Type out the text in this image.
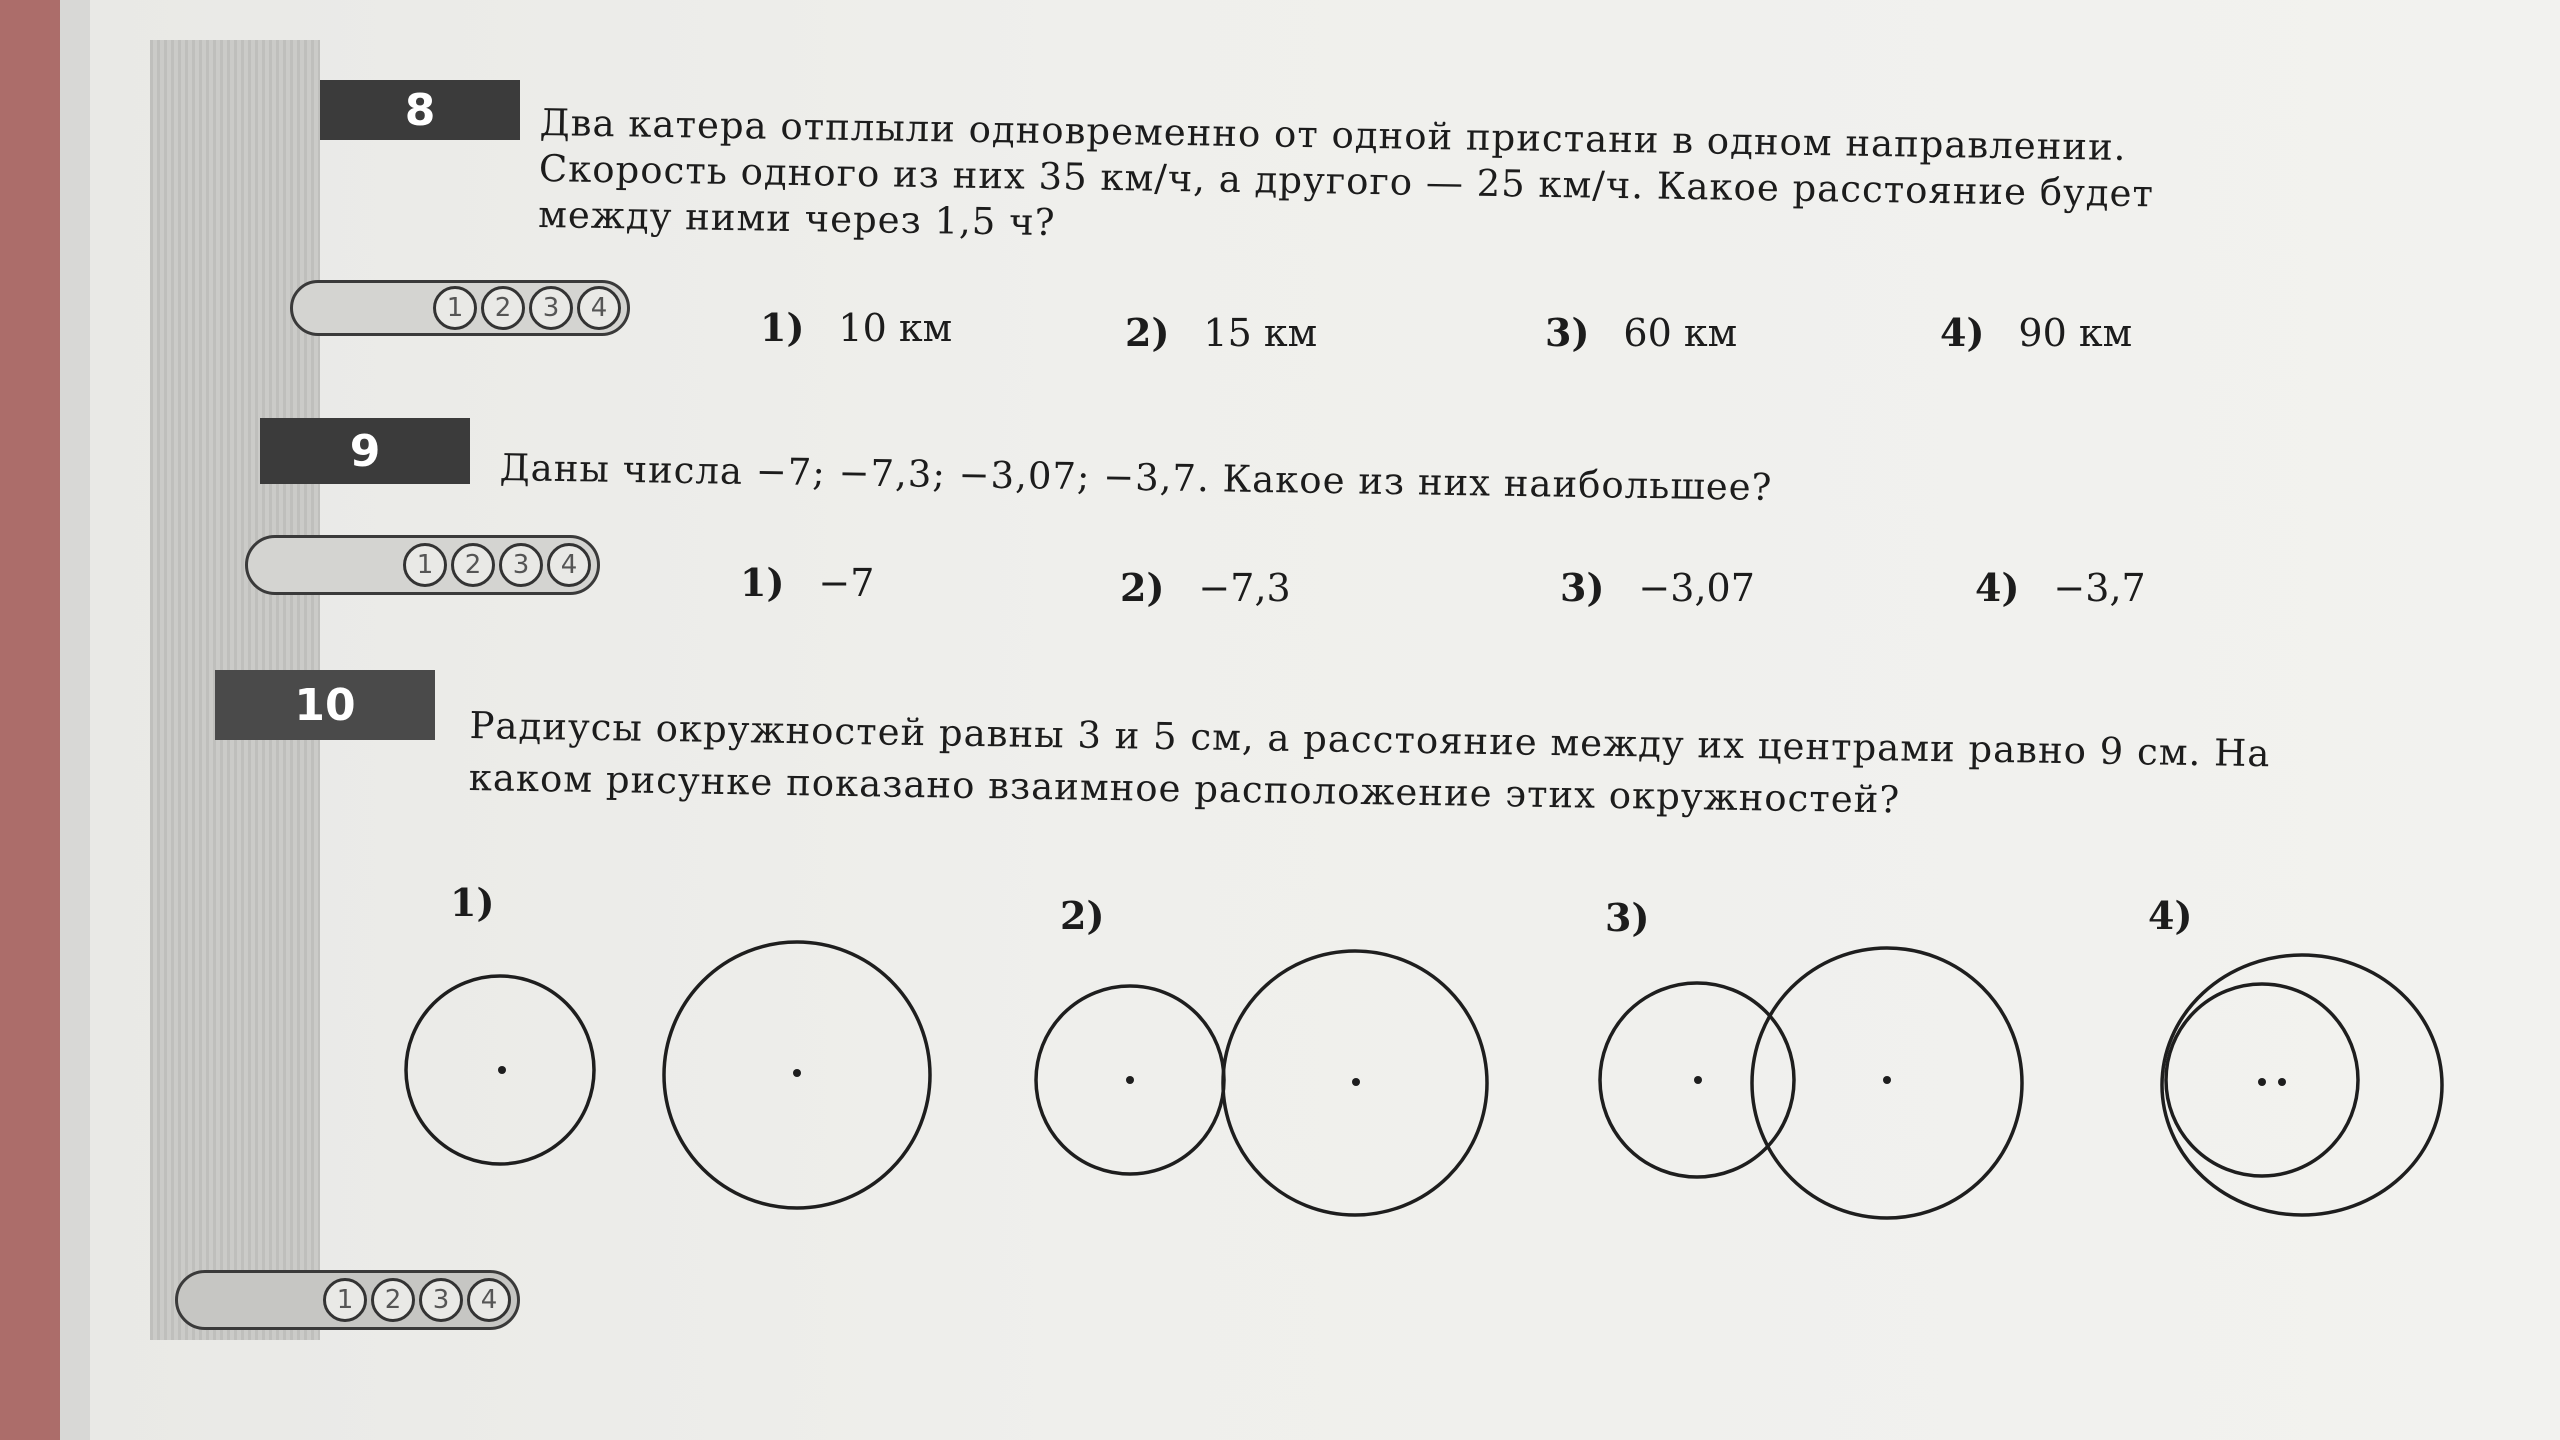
8	Два катера отплыли одновременно от одной пристани в одном направлении. Скорость одного из них 35 км/ч, а другого — 25 км/ч. Какое расстояние будет между ними через 1,5 ч?
1 2 3 4	1) 10 км	2) 15 км	3) 60 км	4) 90 км
9	Даны числа −7; −7,3; −3,07; −3,7. Какое из них наибольшее?
1 2 3 4	1) −7	2) −7,3	3) −3,07	4) −3,7
10	Радиусы окружностей равны 3 и 5 см, а расстояние между их центрами равно 9 см. На каком рисунке показано взаимное расположение этих окружностей?
1)	2)	3)	4)
1 2 3 4
